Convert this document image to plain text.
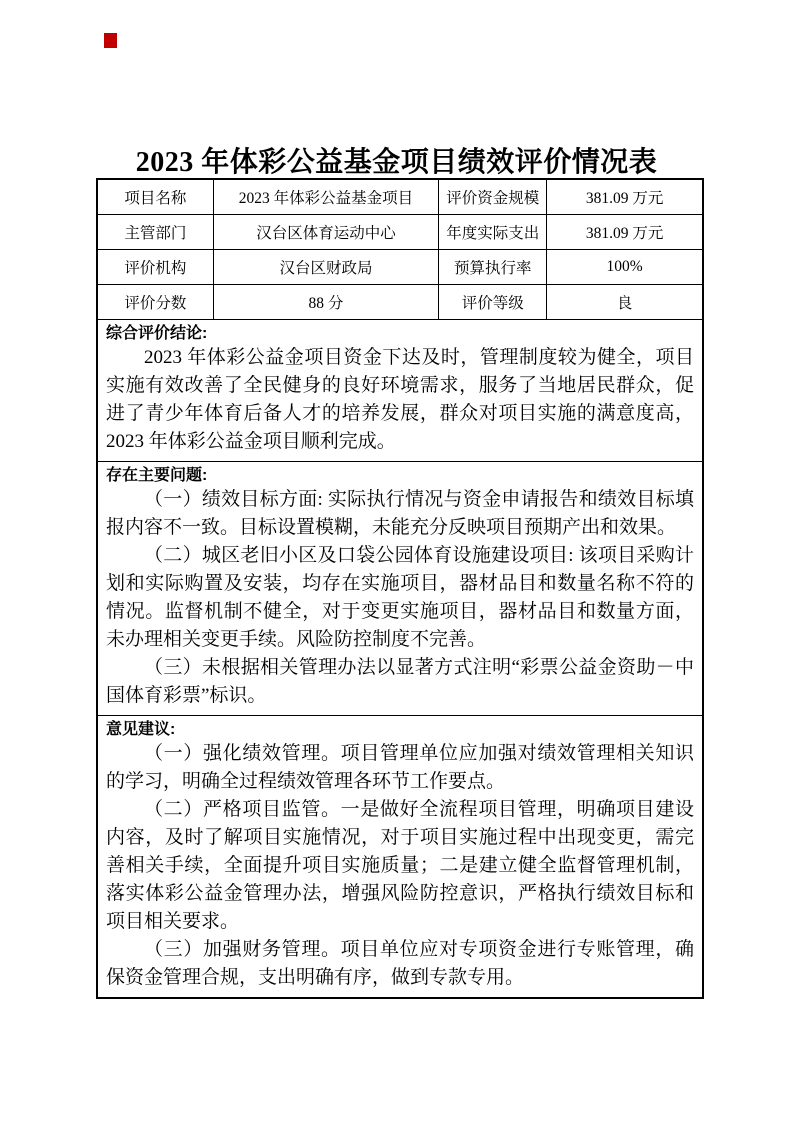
2023 年体彩公益基金项目绩效评价情况表
项目名称	2023 年体彩公益基金项目	评价资金规模	381.09 万元
主管部门	汉台区体育运动中心	年度实际支出	381.09 万元
评价机构	汉台区财政局	预算执行率	100%
评价分数	88 分	评价等级	良
综合评价结论:

2023 年体彩公益金项目资金下达及时，管理制度较为健全，项目实施有效改善了全民健身的良好环境需求，服务了当地居民群众，促进了青少年体育后备人才的培养发展，群众对项目实施的满意度高，2023 年体彩公益金项目顺利完成。

存在主要问题:

（一）绩效目标方面: 实际执行情况与资金申请报告和绩效目标填报内容不一致。目标设置模糊，未能充分反映项目预期产出和效果。

（二）城区老旧小区及口袋公园体育设施建设项目: 该项目采购计划和实际购置及安装，均存在实施项目，器材品目和数量名称不符的情况。监督机制不健全，对于变更实施项目，器材品目和数量方面，未办理相关变更手续。风险防控制度不完善。

（三）未根据相关管理办法以显著方式注明“彩票公益金资助－中国体育彩票”标识。

意见建议:

（一）强化绩效管理。项目管理单位应加强对绩效管理相关知识的学习，明确全过程绩效管理各环节工作要点。

（二）严格项目监管。一是做好全流程项目管理，明确项目建设内容，及时了解项目实施情况，对于项目实施过程中出现变更，需完善相关手续，全面提升项目实施质量；二是建立健全监督管理机制，落实体彩公益金管理办法，增强风险防控意识，严格执行绩效目标和项目相关要求。

（三）加强财务管理。项目单位应对专项资金进行专账管理，确保资金管理合规，支出明确有序，做到专款专用。
